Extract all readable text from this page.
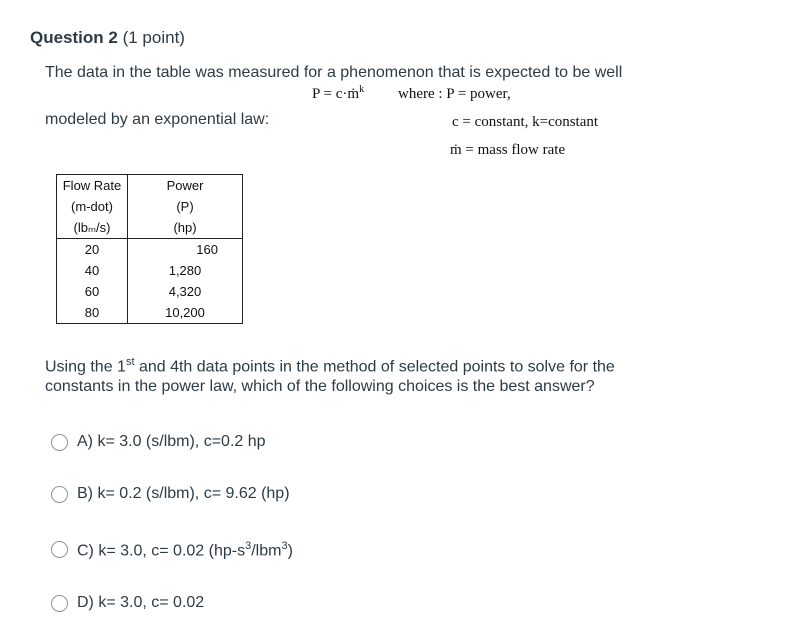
Question 2 (1 point)
The data in the table was measured for a phenomenon that is expected to be well
modeled by an exponential law:
P = c·ṁ$^k$ where : P = power,
c = constant, k=constant
ṁ = mass flow rate
Flow Rate	Power
(m-dot)	(P)
(lbₘ/s)	(hp)
20	160
40	1,280
60	4,320
80	10,200
Using the 1st and 4th data points in the method of selected points to solve for the
constants in the power law, which of the following choices is the best answer?
A) k= 3.0 (s/lbm), c=0.2 hp
B) k= 0.2 (s/lbm), c= 9.62 (hp)
C) k= 3.0, c= 0.02 $(hp-s^3/lbm^3)$
D) k= 3.0, c= 0.02
